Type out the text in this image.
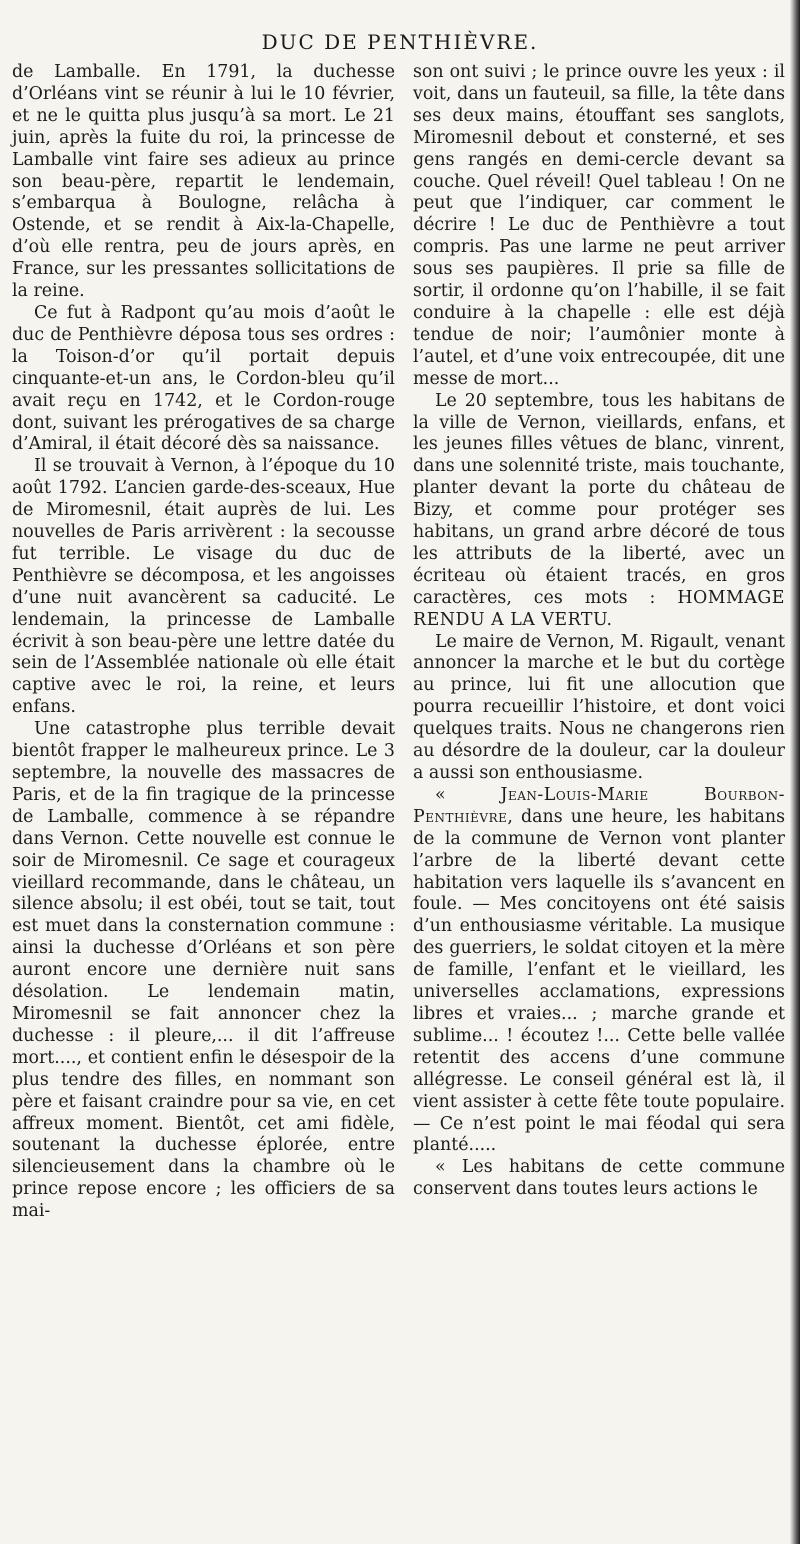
DUC DE PENTHIÈVRE.

de Lamballe. En 1791, la duchesse d’Orléans vint se réunir à lui le 10 février, et ne le quitta plus jusqu’à sa mort. Le 21 juin, après la fuite du roi, la princesse de Lamballe vint faire ses adieux au prince son beau-père, repartit le lendemain, s’embarqua à Boulogne, relâcha à Ostende, et se rendit à Aix-la-Chapelle, d’où elle rentra, peu de jours après, en France, sur les pressantes sollicitations de la reine.

Ce fut à Radpont qu’au mois d’août le duc de Penthièvre déposa tous ses ordres : la Toison-d’or qu’il portait depuis cinquante-et-un ans, le Cordon-bleu qu’il avait reçu en 1742, et le Cordon-rouge dont, suivant les prérogatives de sa charge d’Amiral, il était décoré dès sa naissance.

Il se trouvait à Vernon, à l’époque du 10 août 1792. L’ancien garde-des-sceaux, Hue de Miromesnil, était auprès de lui. Les nouvelles de Paris arrivèrent : la secousse fut terrible. Le visage du duc de Penthièvre se décomposa, et les angoisses d’une nuit avancèrent sa caducité. Le lendemain, la princesse de Lamballe écrivit à son beau-père une lettre datée du sein de l’Assemblée nationale où elle était captive avec le roi, la reine, et leurs enfans.

Une catastrophe plus terrible devait bientôt frapper le malheureux prince. Le 3 septembre, la nouvelle des massacres de Paris, et de la fin tragique de la princesse de Lamballe, commence à se répandre dans Vernon. Cette nouvelle est connue le soir de Miromesnil. Ce sage et courageux vieillard recommande, dans le château, un silence absolu; il est obéi, tout se tait, tout est muet dans la consternation commune : ainsi la duchesse d’Orléans et son père auront encore une dernière nuit sans désolation. Le lendemain matin, Miromesnil se fait annoncer chez la duchesse : il pleure,... il dit l’affreuse mort...., et contient enfin le désespoir de la plus tendre des filles, en nommant son père et faisant craindre pour sa vie, en cet affreux moment. Bientôt, cet ami fidèle, soutenant la duchesse éplorée, entre silencieusement dans la chambre où le prince repose encore ; les officiers de sa mai-

son ont suivi ; le prince ouvre les yeux : il voit, dans un fauteuil, sa fille, la tête dans ses deux mains, étouffant ses sanglots, Miromesnil debout et consterné, et ses gens rangés en demi-cercle devant sa couche. Quel réveil! Quel tableau ! On ne peut que l’indiquer, car comment le décrire ! Le duc de Penthièvre a tout compris. Pas une larme ne peut arriver sous ses paupières. Il prie sa fille de sortir, il ordonne qu’on l’habille, il se fait conduire à la chapelle : elle est déjà tendue de noir; l’aumônier monte à l’autel, et d’une voix entrecoupée, dit une messe de mort...

Le 20 septembre, tous les habitans de la ville de Vernon, vieillards, enfans, et les jeunes filles vêtues de blanc, vinrent, dans une solennité triste, mais touchante, planter devant la porte du château de Bizy, et comme pour protéger ses habitans, un grand arbre décoré de tous les attributs de la liberté, avec un écriteau où étaient tracés, en gros caractères, ces mots : HOMMAGE RENDU A LA VERTU.

Le maire de Vernon, M. Rigault, venant annoncer la marche et le but du cortège au prince, lui fit une allocution que pourra recueillir l’histoire, et dont voici quelques traits. Nous ne changerons rien au désordre de la douleur, car la douleur a aussi son enthousiasme.

« Jean-Louis-Marie Bourbon-Penthièvre, dans une heure, les habitans de la commune de Vernon vont planter l’arbre de la liberté devant cette habitation vers laquelle ils s’avancent en foule. — Mes concitoyens ont été saisis d’un enthousiasme véritable. La musique des guerriers, le soldat citoyen et la mère de famille, l’enfant et le vieillard, les universelles acclamations, expressions libres et vraies... ; marche grande et sublime... ! écoutez !... Cette belle vallée retentit des accens d’une commune allégresse. Le conseil général est là, il vient assister à cette fête toute populaire. — Ce n’est point le mai féodal qui sera planté.....

« Les habitans de cette commune conservent dans toutes leurs actions le
